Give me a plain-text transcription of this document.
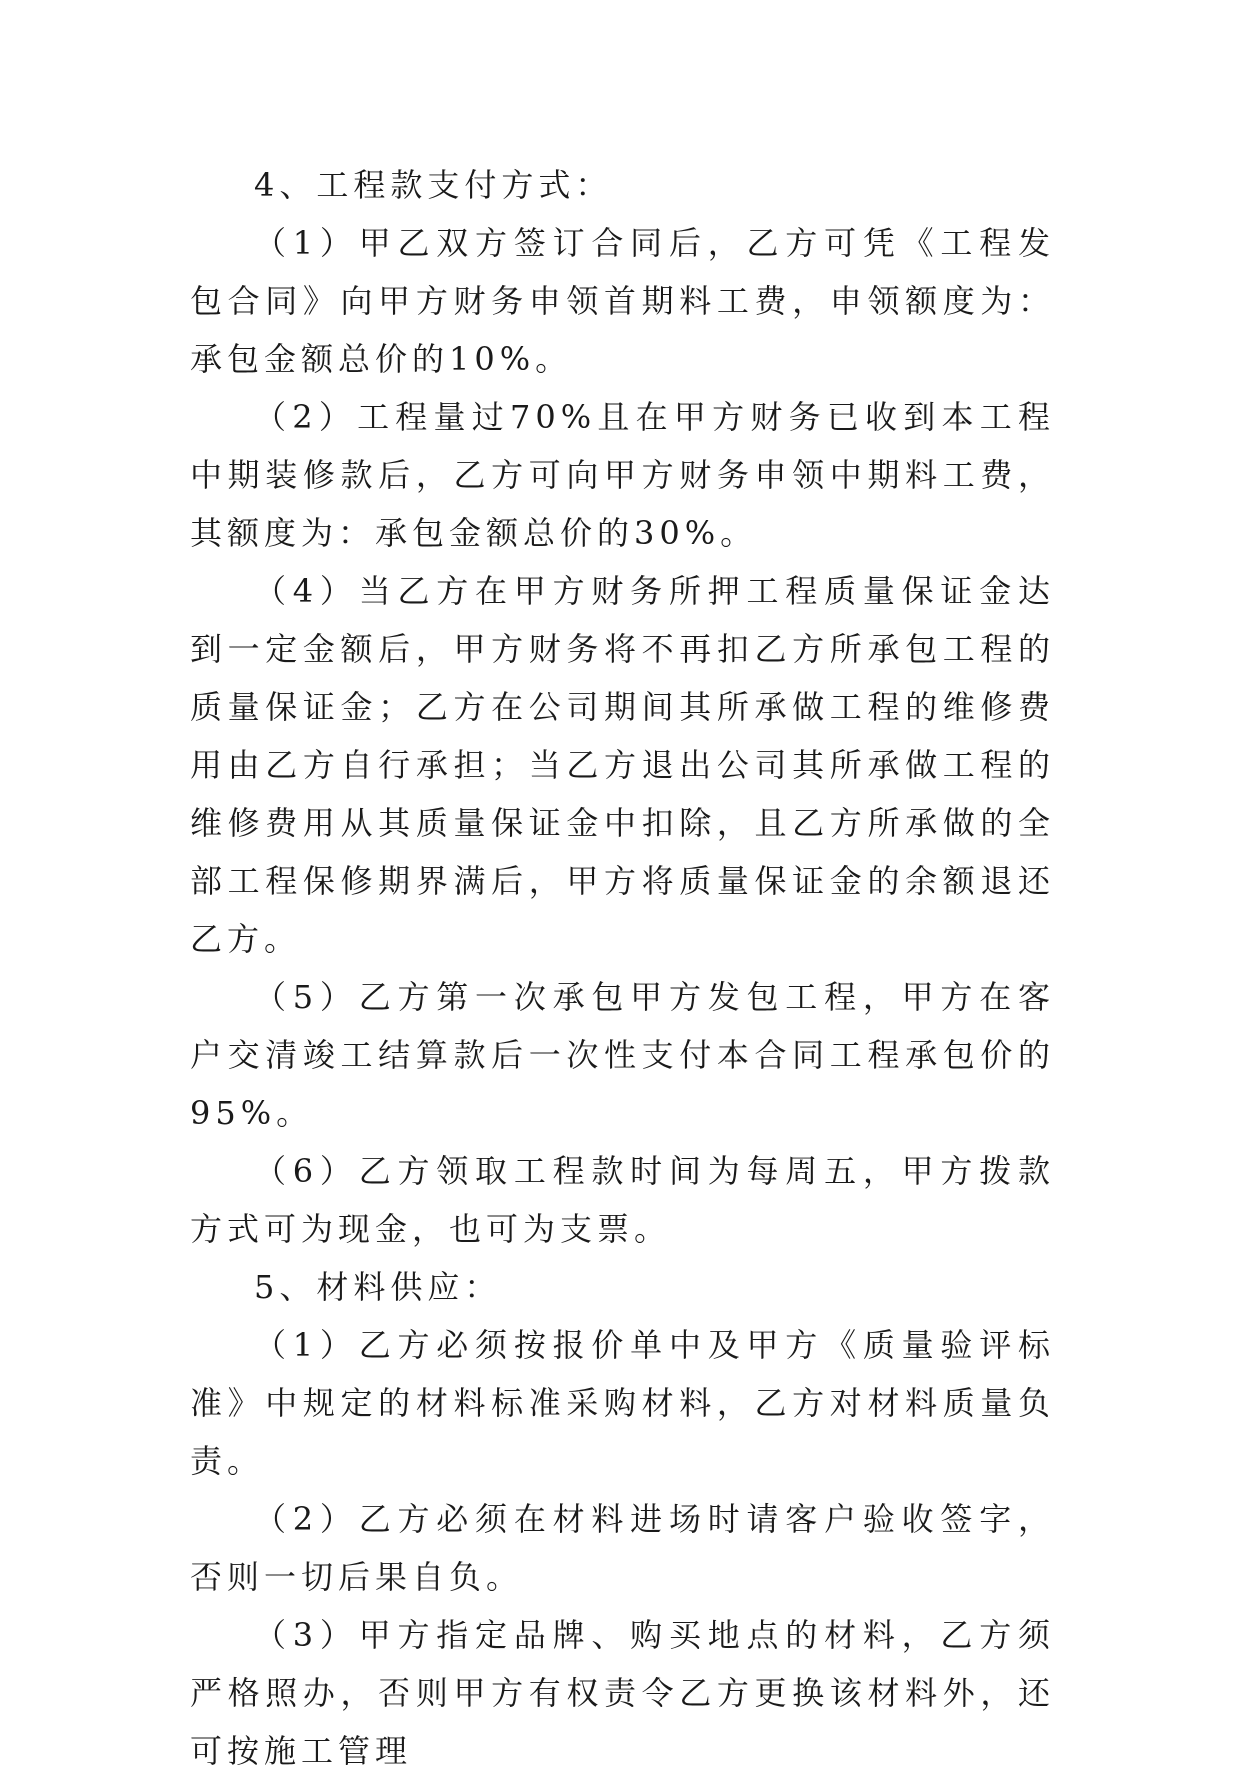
4、工程款支付方式：

（1）甲乙双方签订合同后，乙方可凭《工程发包合同》向甲方财务申领首期料工费，申领额度为：承包金额总价的10%。

（2）工程量过70%且在甲方财务已收到本工程中期装修款后，乙方可向甲方财务申领中期料工费，其额度为：承包金额总价的30%。

（4）当乙方在甲方财务所押工程质量保证金达到一定金额后，甲方财务将不再扣乙方所承包工程的质量保证金；乙方在公司期间其所承做工程的维修费用由乙方自行承担；当乙方退出公司其所承做工程的维修费用从其质量保证金中扣除，且乙方所承做的全部工程保修期界满后，甲方将质量保证金的余额退还乙方。

（5）乙方第一次承包甲方发包工程，甲方在客户交清竣工结算款后一次性支付本合同工程承包价的95%。

（6）乙方领取工程款时间为每周五，甲方拨款方式可为现金，也可为支票。

5、材料供应：

（1）乙方必须按报价单中及甲方《质量验评标准》中规定的材料标准采购材料，乙方对材料质量负责。

（2）乙方必须在材料进场时请客户验收签字，否则一切后果自负。

（3）甲方指定品牌、购买地点的材料，乙方须严格照办，否则甲方有权责令乙方更换该材料外，还可按施工管理
